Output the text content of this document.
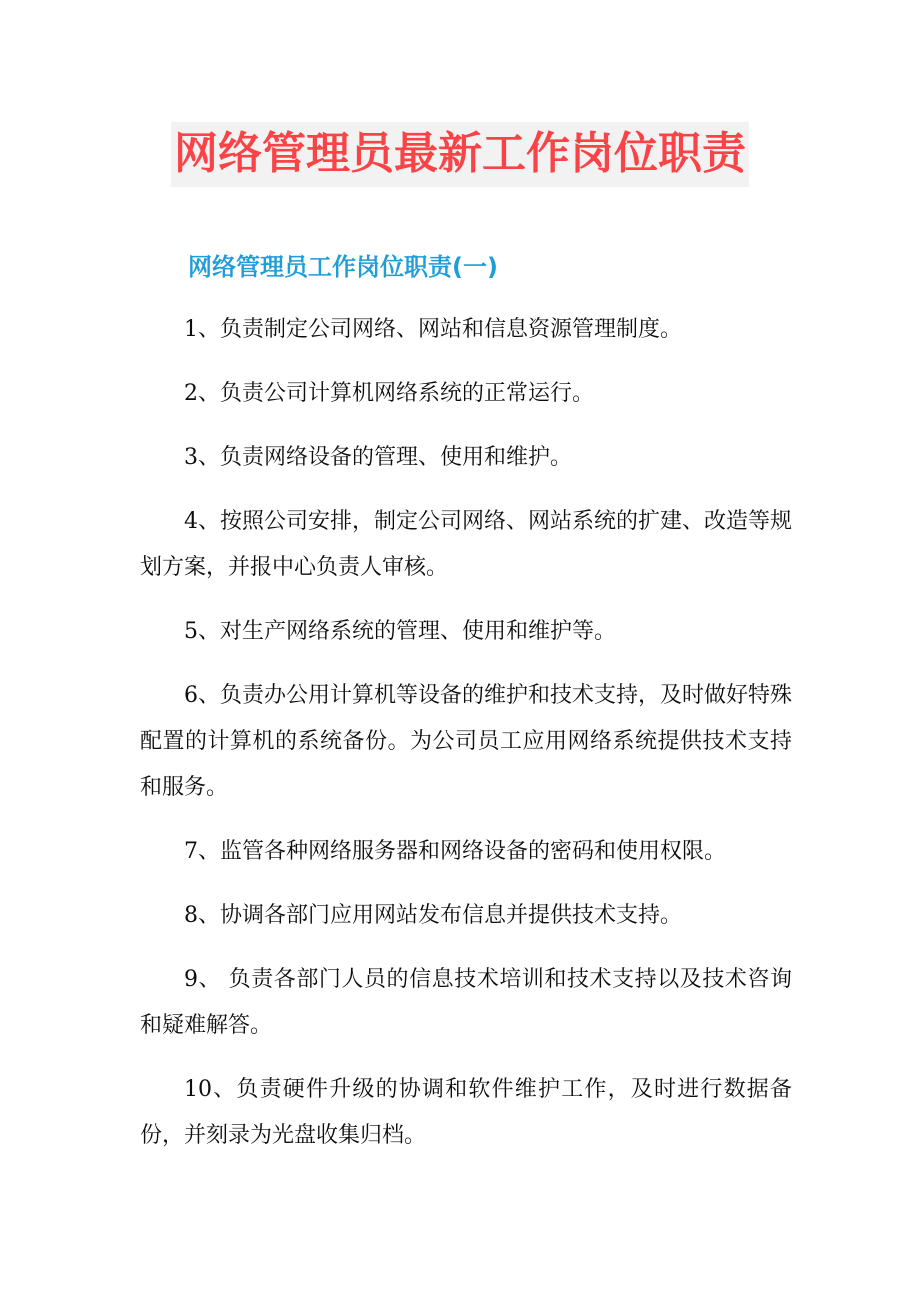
网络管理员最新工作岗位职责
网络管理员工作岗位职责(一)

1、负责制定公司网络、网站和信息资源管理制度。

2、负责公司计算机网络系统的正常运行。

3、负责网络设备的管理、使用和维护。

4、按照公司安排，制定公司网络、网站系统的扩建、改造等规划方案，并报中心负责人审核。

5、对生产网络系统的管理、使用和维护等。

6、负责办公用计算机等设备的维护和技术支持，及时做好特殊配置的计算机的系统备份。为公司员工应用网络系统提供技术支持和服务。

7、监管各种网络服务器和网络设备的密码和使用权限。

8、协调各部门应用网站发布信息并提供技术支持。

9、 负责各部门人员的信息技术培训和技术支持以及技术咨询和疑难解答。

10、负责硬件升级的协调和软件维护工作，及时进行数据备份，并刻录为光盘收集归档。
